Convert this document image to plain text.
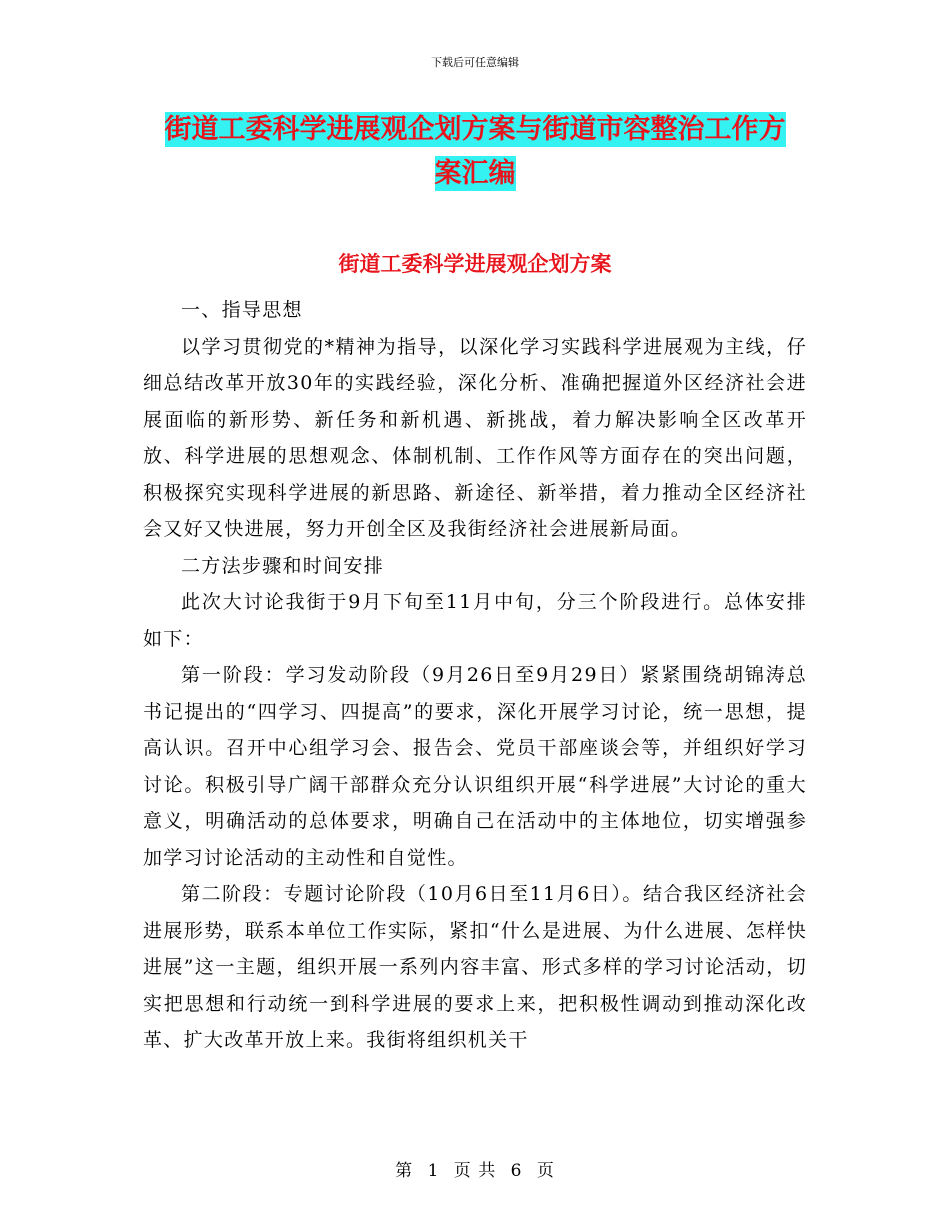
下载后可任意编辑
街道工委科学进展观企划方案与街道市容整治工作方
案汇编
街道工委科学进展观企划方案

一、指导思想

以学习贯彻党的*精神为指导，以深化学习实践科学进展观为主线，仔细总结改革开放30年的实践经验，深化分析、准确把握道外区经济社会进展面临的新形势、新任务和新机遇、新挑战，着力解决影响全区改革开放、科学进展的思想观念、体制机制、工作作风等方面存在的突出问题，积极探究实现科学进展的新思路、新途径、新举措，着力推动全区经济社会又好又快进展，努力开创全区及我街经济社会进展新局面。

二方法步骤和时间安排

此次大讨论我街于9月下旬至11月中旬，分三个阶段进行。总体安排如下：

第一阶段：学习发动阶段（9月26日至9月29日）紧紧围绕胡锦涛总书记提出的“四学习、四提高”的要求，深化开展学习讨论，统一思想，提高认识。召开中心组学习会、报告会、党员干部座谈会等，并组织好学习讨论。积极引导广阔干部群众充分认识组织开展“科学进展”大讨论的重大意义，明确活动的总体要求，明确自己在活动中的主体地位，切实增强参加学习讨论活动的主动性和自觉性。

第二阶段：专题讨论阶段（10月6日至11月6日）。结合我区经济社会进展形势，联系本单位工作实际，紧扣“什么是进展、为什么进展、怎样快进展”这一主题，组织开展一系列内容丰富、形式多样的学习讨论活动，切实把思想和行动统一到科学进展的要求上来，把积极性调动到推动深化改革、扩大改革开放上来。我街将组织机关干

第 1 页 共 6 页
